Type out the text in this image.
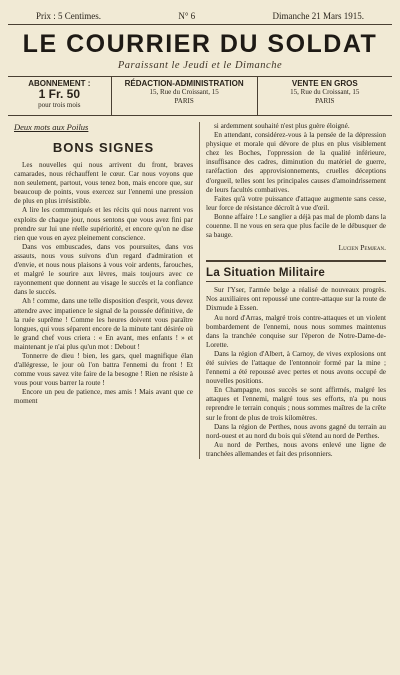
Prix : 5 Centimes.	N° 6	Dimanche 21 Mars 1915.
LE COURRIER DU SOLDAT
Paraissant le Jeudi et le Dimanche
ABONNEMENT :
1 Fr. 50
pour trois mois
RÉDACTION-ADMINISTRATION
15, Rue du Croissant, 15
PARIS
VENTE EN GROS
15, Rue du Croissant, 15
PARIS
Deux mots aux Poilus
BONS SIGNES

Les nouvelles qui nous arrivent du front, braves camarades, nous réchauffent le cœur. Car nous voyons que non seulement, partout, vous tenez bon, mais encore que, sur beaucoup de points, vous exercez sur l'ennemi une pression de plus en plus irrésistible.

A lire les communiqués et les récits qui nous narrent vos exploits de chaque jour, nous sentons que vous avez fini par prendre sur lui une réelle supériorité, et encore qu'on ne dise rien que vous en ayez pleinement conscience.

Dans vos embuscades, dans vos poursuites, dans vos assauts, nous vous suivons d'un regard d'admiration et d'envie, et nous nous plaisons à vous voir ardents, farouches, et malgré le sourire aux lèvres, mais toujours avec ce rayonnement que donnent au visage le succès et la confiance dans le succès.

Ah ! comme, dans une telle disposition d'esprit, vous devez attendre avec impatience le signal de la poussée définitive, de la ruée suprême ! Comme les heures doivent vous paraître longues, qui vous séparent encore de la minute tant désirée où le grand chef vous criera : « En avant, mes enfants ! » et maintenant je n'ai plus qu'un mot : Debout !

Tonnerre de dieu ! bien, les gars, quel magnifique élan d'allégresse, le jour où l'on battra l'ennemi du front ! Et comme vous savez vite faire de la besogne ! Rien ne résiste à vous pour vous barrer la route !

Encore un peu de patience, mes amis ! Mais avant que ce moment

si ardemment souhaité n'est plus guère éloigné.

En attendant, considérez-vous à la pensée de la dépression physique et morale qui dévore de plus en plus visiblement chez les Boches, l'oppression de la qualité inférieure, insuffisance des cadres, diminution du matériel de guerre, raréfaction des approvisionnements, cruelles déceptions d'orgueil, telles sont les principales causes d'amoindrissement de leurs facultés combatives.

Faites qu'à votre puissance d'attaque augmente sans cesse, leur force de résistance décroît à vue d'œil.

Bonne affaire ! Le sanglier a déjà pas mal de plomb dans la couenne. Il ne vous en sera que plus facile de le débusquer de sa bauge.

Lucien Pemjean.
La Situation Militaire

Sur l'Yser, l'armée belge a réalisé de nouveaux progrès. Nos auxiliaires ont repoussé une contre-attaque sur la route de Dixmude à Essen.

Au nord d'Arras, malgré trois contre-attaques et un violent bombardement de l'ennemi, nous nous sommes maintenus dans la tranchée conquise sur l'éperon de Notre-Dame-de-Lorette.

Dans la région d'Albert, à Carnoy, de vives explosions ont été suivies de l'attaque de l'entonnoir formé par la mine ; l'ennemi a été repoussé avec pertes et nous avons occupé de nouvelles positions.

En Champagne, nos succès se sont affirmés, malgré les attaques et l'ennemi, malgré tous ses efforts, n'a pu nous reprendre le terrain conquis ; nous sommes maîtres de la crête sur le front de plus de trois kilomètres.

Dans la région de Perthes, nous avons gagné du terrain au nord-ouest et au nord du bois qui s'étend au nord de Perthes.

Au nord de Perthes, nous avons enlevé une ligne de tranchées allemandes et fait des prisonniers.
